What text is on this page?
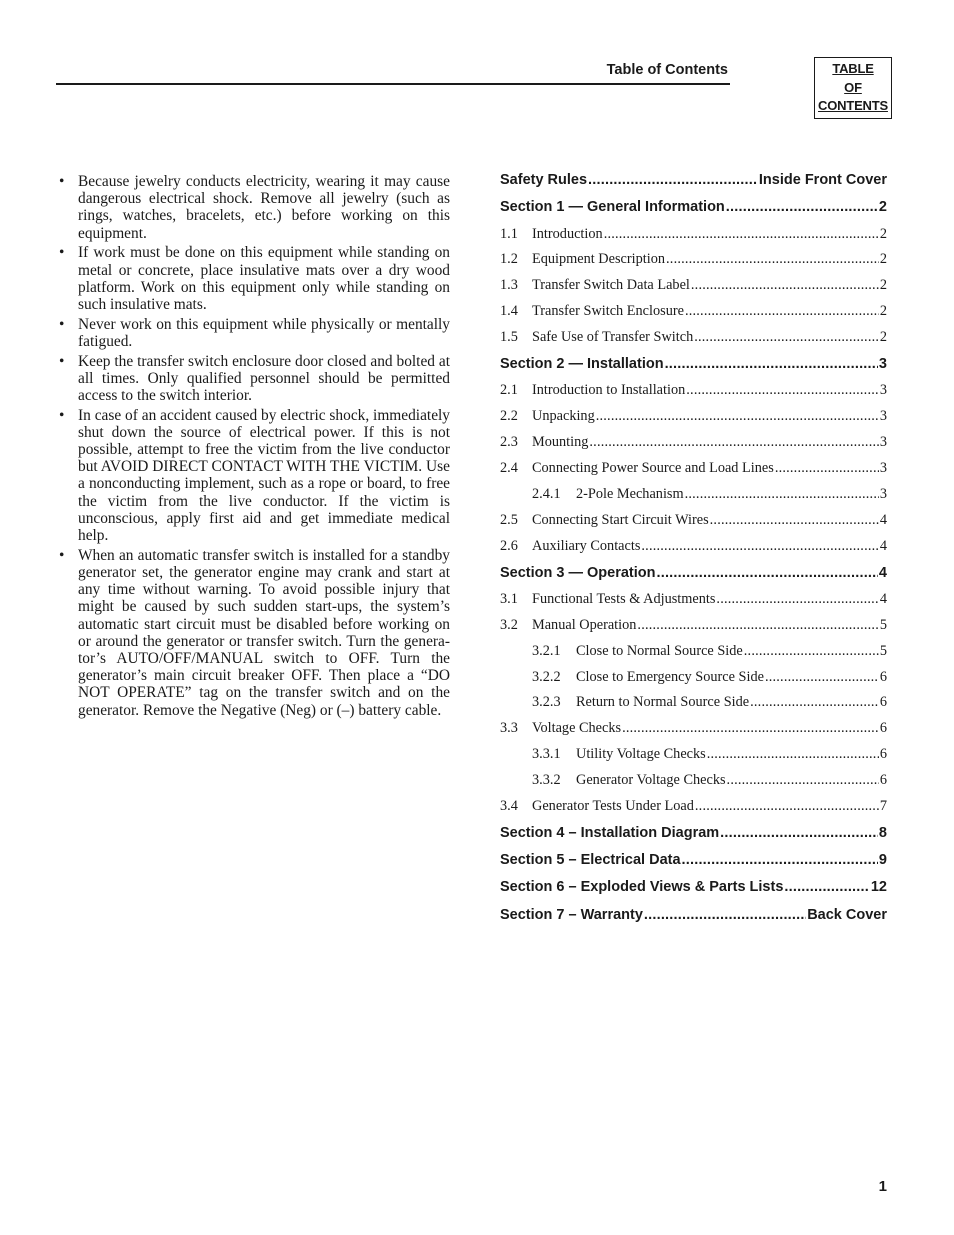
Table of Contents	TABLE
OF
CONTENTS
• Because jewelry conducts electricity, wearing it may cause dangerous electrical shock. Remove all jewelry (such as rings, watches, bracelets, etc.) before working on this equipment.
• If work must be done on this equipment while standing on metal or concrete, place insulative mats over a dry wood platform. Work on this equipment only while standing on such insulative mats.
• Never work on this equipment while physically or mentally fatigued.
• Keep the transfer switch enclosure door closed and bolted at all times. Only qualified personnel should be permitted access to the switch interior.
• In case of an accident caused by electric shock, immediately shut down the source of electrical power. If this is not possible, attempt to free the victim from the live conductor but AVOID DIRECT CONTACT WITH THE VICTIM. Use a nonconducting implement, such as a rope or board, to free the victim from the live conductor. If the victim is unconscious, apply first aid and get immediate medical help.
• When an automatic transfer switch is installed for a standby generator set, the generator engine may crank and start at any time without warning. To avoid possible injury that might be caused by such sudden start-ups, the system’s automatic start circuit must be disabled before working on or around the generator or transfer switch. Turn the generator’s AUTO/OFF/MANUAL switch to OFF. Turn the generator’s main circuit breaker OFF. Then place a “DO NOT OPERATE” tag on the transfer switch and on the generator. Remove the Negative (Neg) or (–) battery cable.
Safety Rules .....	Inside Front Cover
Section 1 — General Information .....	2
1.1 Introduction .....	2
1.2 Equipment Description .....	2
1.3 Transfer Switch Data Label .....	2
1.4 Transfer Switch Enclosure .....	2
1.5 Safe Use of Transfer Switch .....	2
Section 2 — Installation .....	3
2.1 Introduction to Installation .....	3
2.2 Unpacking .....	3
2.3 Mounting .....	3
2.4 Connecting Power Source and Load Lines .....	3
2.4.1	2-Pole Mechanism .....	3
2.5 Connecting Start Circuit Wires .....	4
2.6 Auxiliary Contacts .....	4
Section 3 — Operation .....	4
3.1 Functional Tests & Adjustments .....	4
3.2 Manual Operation .....	5
3.2.1	Close to Normal Source Side .....	5
3.2.2	Close to Emergency Source Side .....	6
3.2.3	Return to Normal Source Side .....	6
3.3 Voltage Checks .....	6
3.3.1	Utility Voltage Checks .....	6
3.3.2	Generator Voltage Checks .....	6
3.4 Generator Tests Under Load .....	7
Section 4 – Installation Diagram .....	8
Section 5 – Electrical Data .....	9
Section 6 – Exploded Views & Parts Lists .....	12
Section 7 – Warranty .....	Back Cover
1
